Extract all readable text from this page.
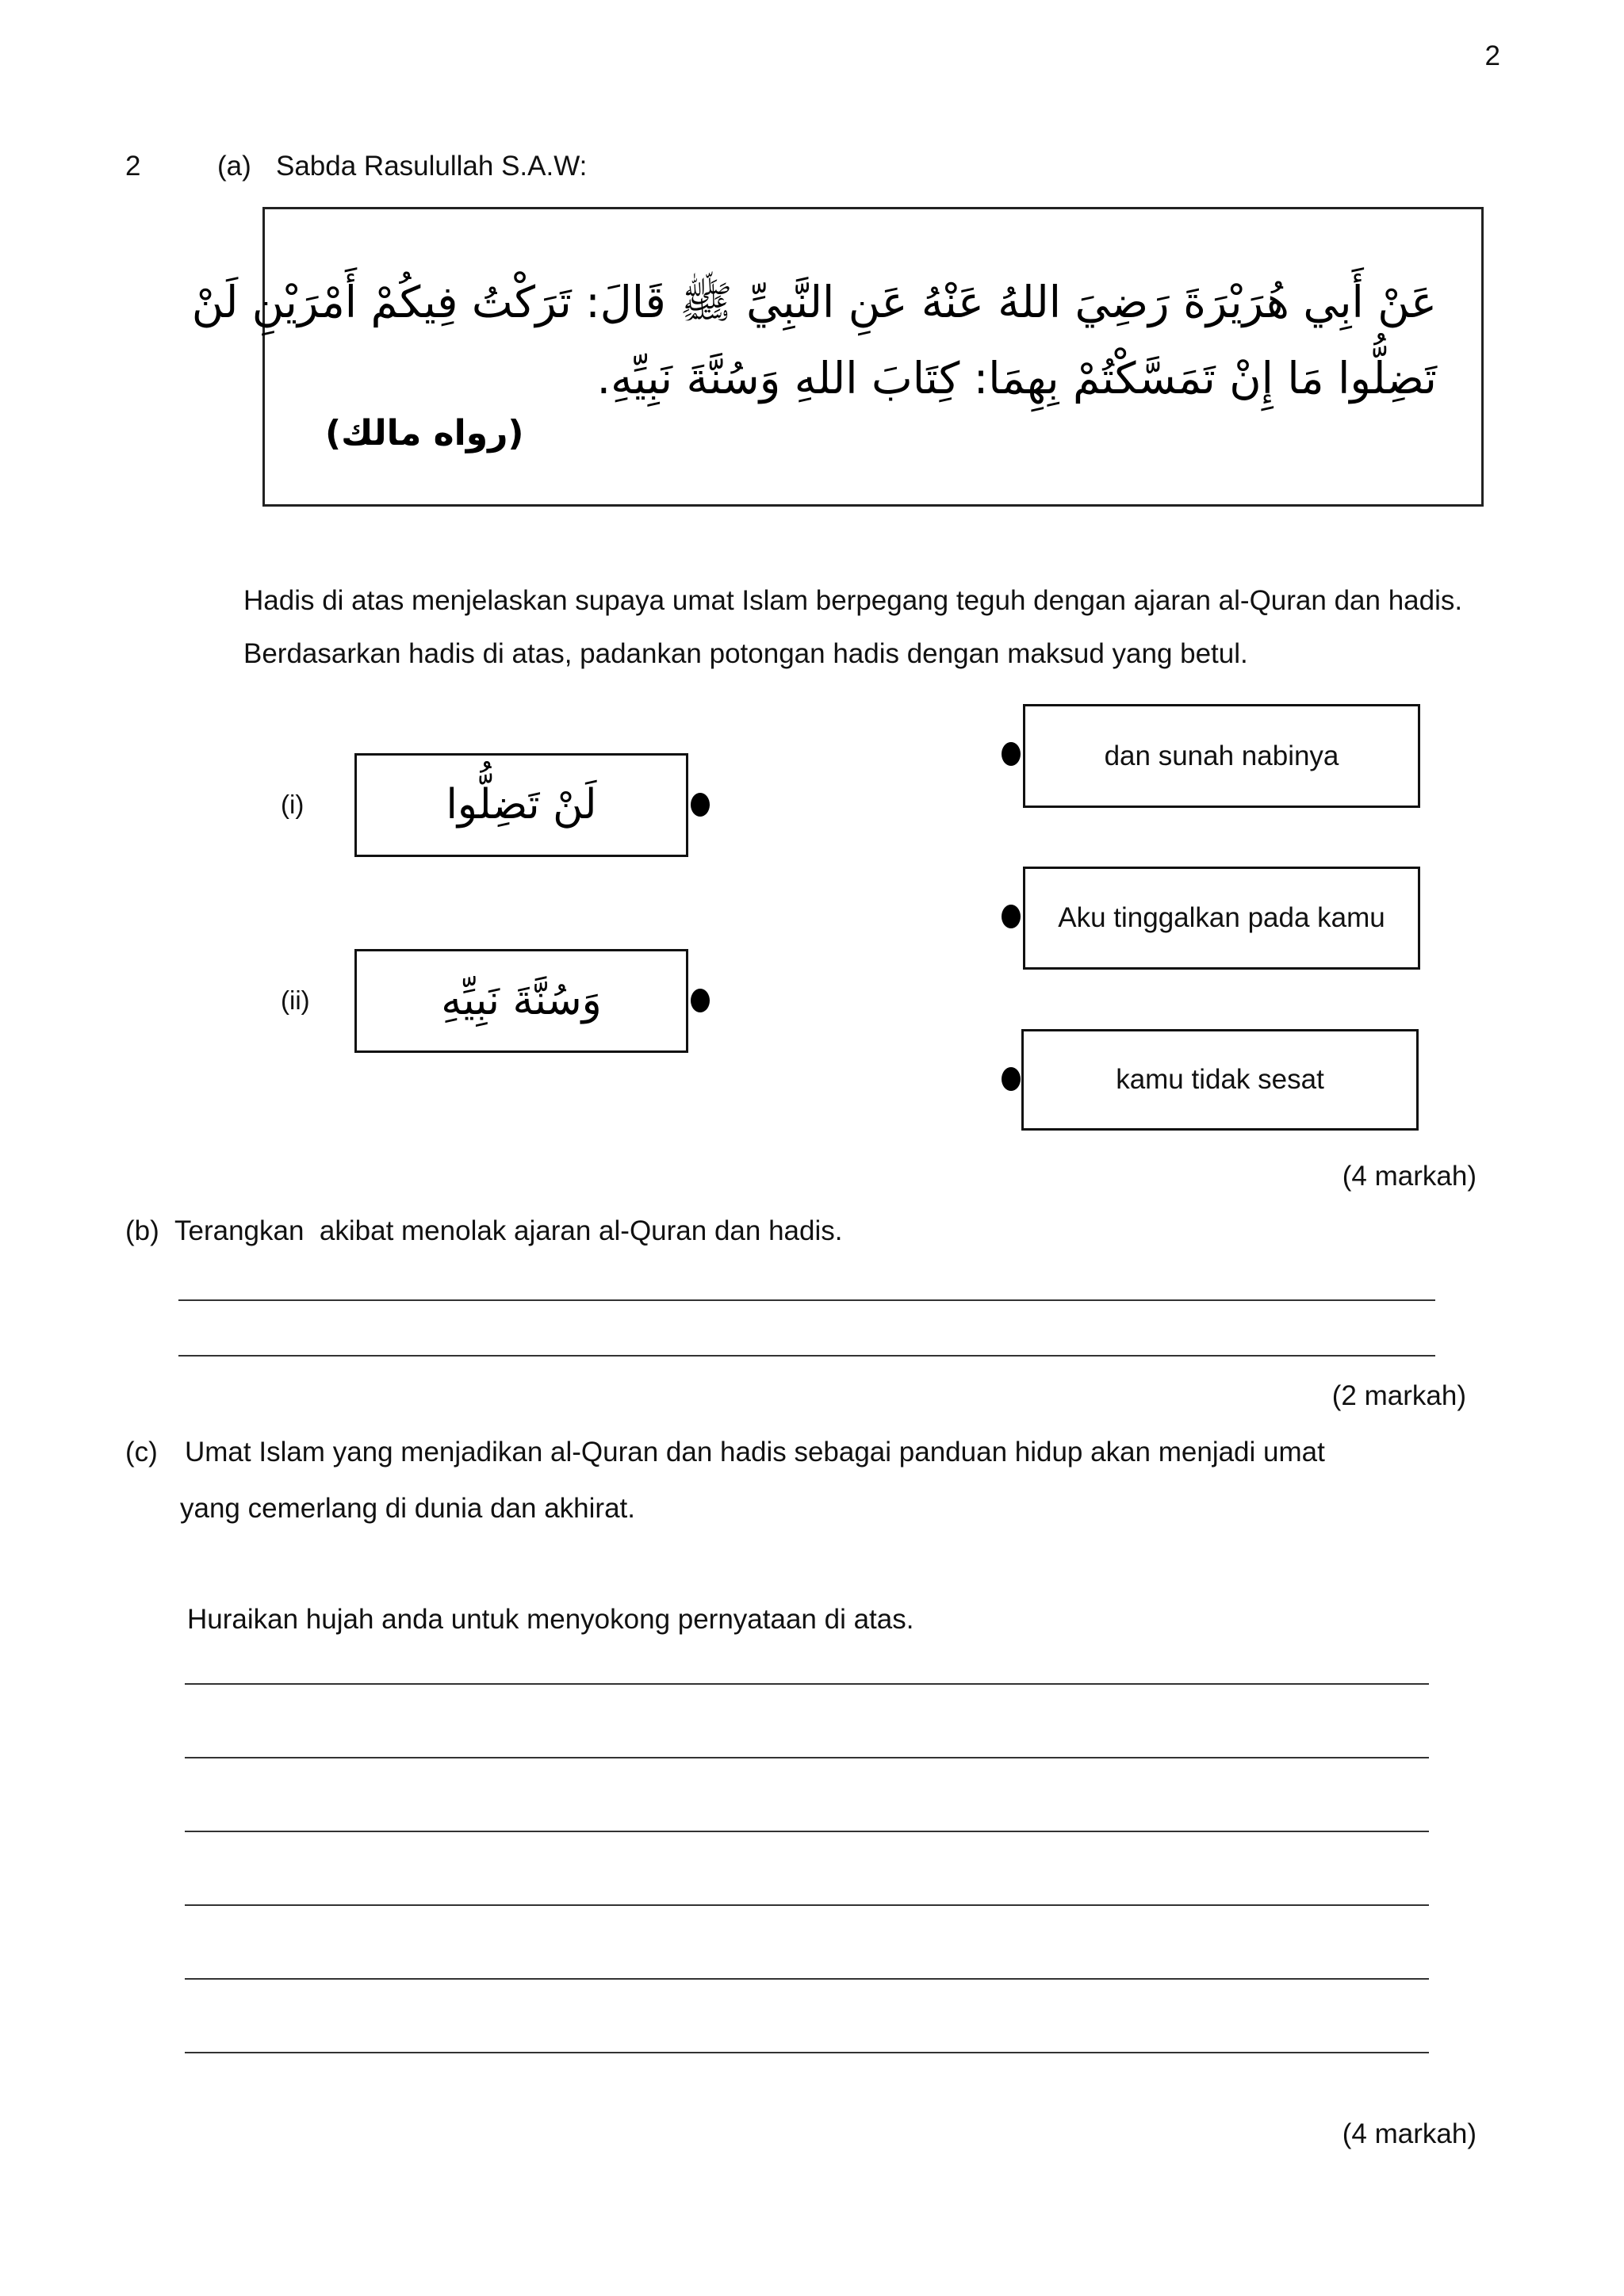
2
2	(a) Sabda Rasulullah S.A.W:
عَنْ أَبِي هُرَيْرَةَ رَضِيَ اللهُ عَنْهُ عَنِ النَّبِيِّ ﷺ قَالَ: تَرَكْتُ فِيكُمْ أَمْرَيْنِ لَنْ
تَضِلُّوا مَا إِنْ تَمَسَّكْتُمْ بِهِمَا: كِتَابَ اللهِ وَسُنَّةَ نَبِيِّهِ.
(رواه مالك)
Hadis di atas menjelaskan supaya umat Islam berpegang teguh dengan ajaran al-Quran dan hadis.
Berdasarkan hadis di atas, padankan potongan hadis dengan maksud yang betul.
(i)	لَنْ تَضِلُّوا
(ii)	وَسُنَّةَ نَبِيِّهِ
dan sunah nabinya
Aku tinggalkan pada kamu
kamu tidak sesat
(4 markah)
(b) Terangkan  akibat menolak ajaran al-Quran dan hadis.
(2 markah)
(c) Umat Islam yang menjadikan al-Quran dan hadis sebagai panduan hidup akan menjadi umat
yang cemerlang di dunia dan akhirat.
Huraikan hujah anda untuk menyokong pernyataan di atas.
(4 markah)
